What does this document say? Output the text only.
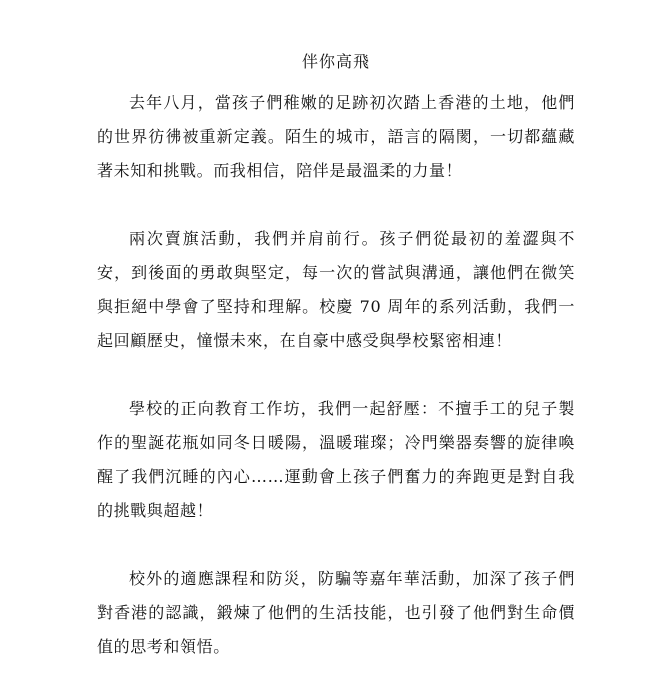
伴你高飛

去年八月，當孩子們稚嫩的足跡初次踏上香港的土地，他們的世界彷彿被重新定義。陌生的城市，語言的隔閡，一切都蘊藏著未知和挑戰。而我相信，陪伴是最溫柔的力量！

兩次賣旗活動，我們并肩前行。孩子們從最初的羞澀與不安，到後面的勇敢與堅定，每一次的嘗試與溝通，讓他們在微笑與拒絕中學會了堅持和理解。校慶 70 周年的系列活動，我們一起回顧歷史，憧憬未來，在自豪中感受與學校緊密相連！

學校的正向教育工作坊，我們一起舒壓：不擅手工的兒子製作的聖誕花瓶如同冬日暖陽，溫暖璀璨；冷門樂器奏響的旋律喚醒了我們沉睡的內心……運動會上孩子們奮力的奔跑更是對自我的挑戰與超越！

校外的適應課程和防災，防騙等嘉年華活動，加深了孩子們對香港的認識，鍛煉了他們的生活技能，也引發了他們對生命價值的思考和領悟。
